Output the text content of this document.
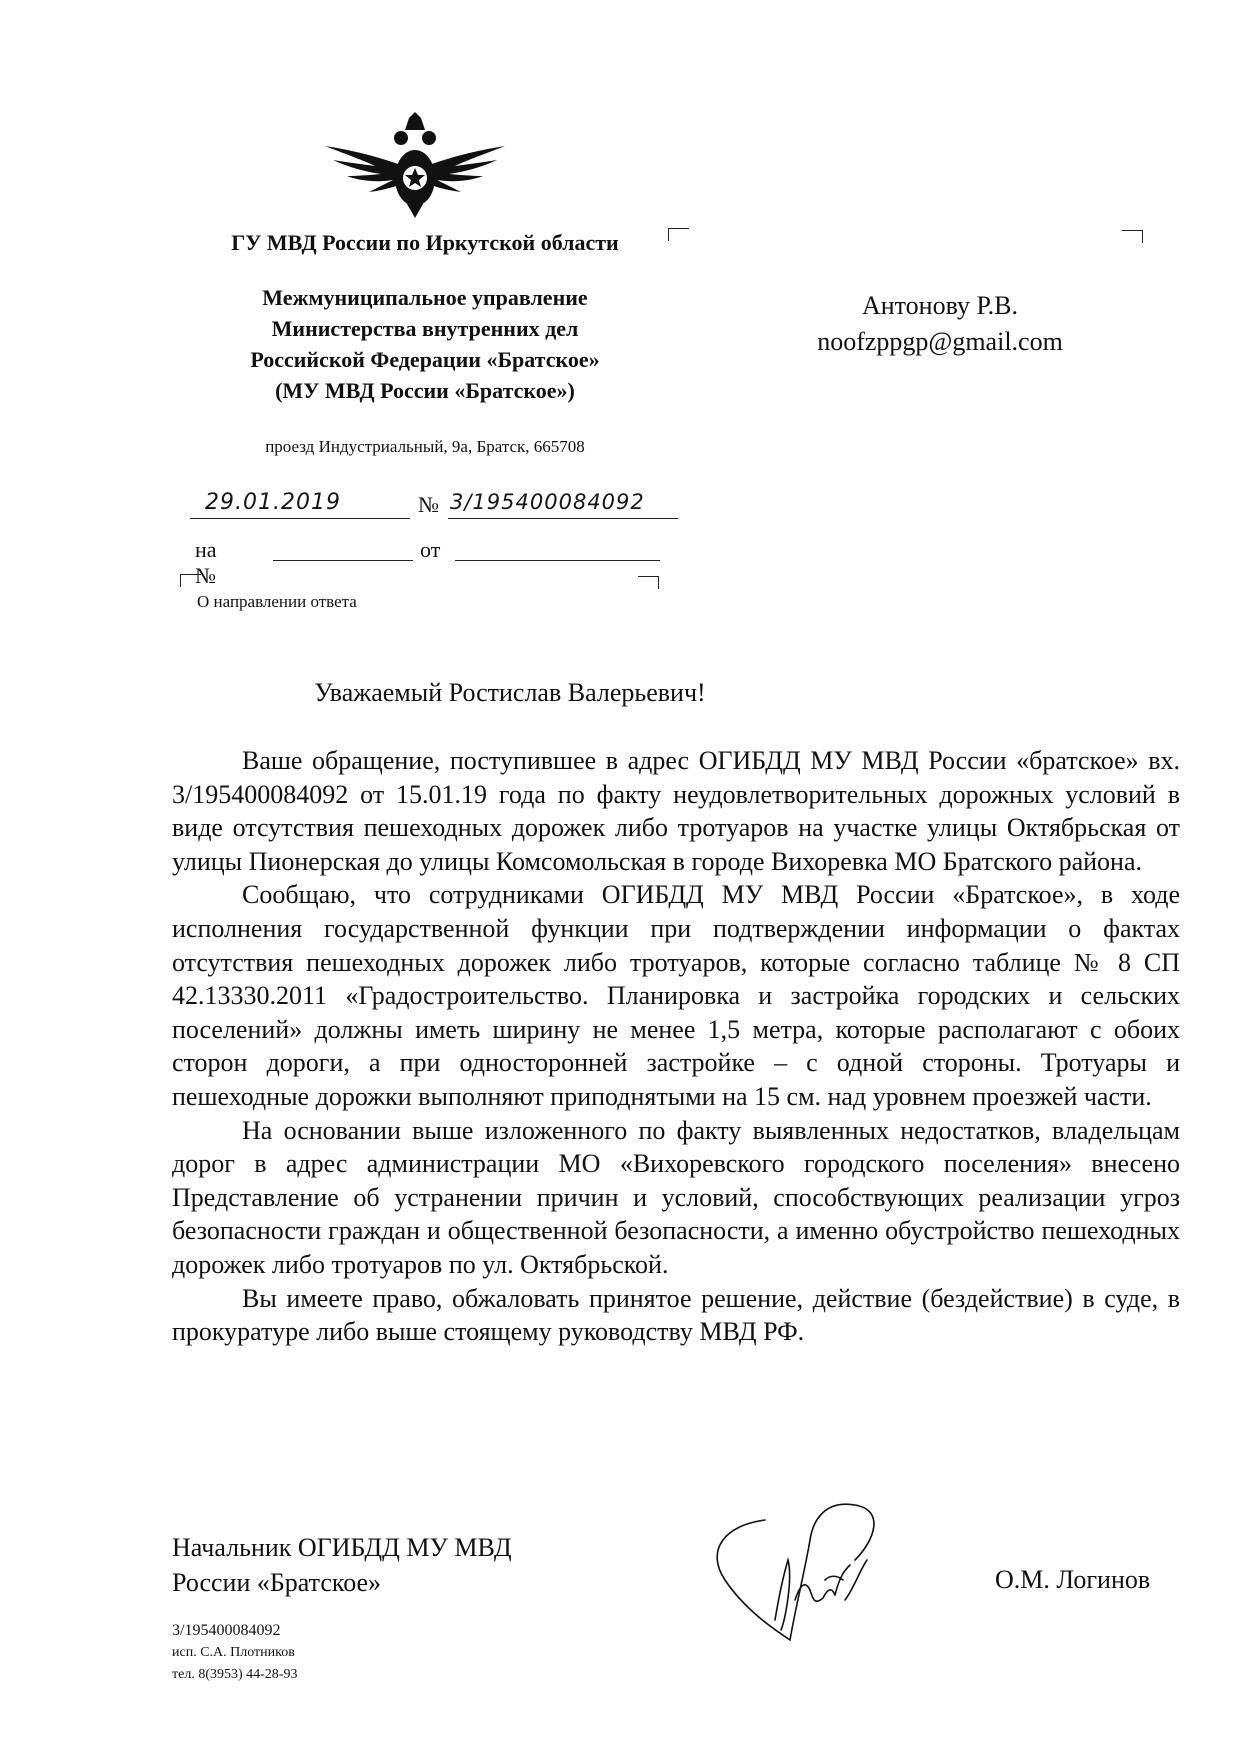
ГУ МВД России по Иркутской области
Межмуниципальное управление
Министерства внутренних дел
Российской Федерации «Братское»
(МУ МВД России «Братское»)
проезд Индустриальный, 9а, Братск, 665708
Антонову Р.В.
noofzppgp@gmail.com
29.01.2019	№ 3/195400084092
на №
от
О направлении ответа
Уважаемый Ростислав Валерьевич!

Ваше обращение, поступившее в адрес ОГИБДД МУ МВД России «братское» вх. 3/195400084092 от 15.01.19 года по факту неудовлетворительных дорожных условий в виде отсутствия пешеходных дорожек либо тротуаров на участке улицы Октябрьская от улицы Пионерская до улицы Комсомольская в городе Вихоревка МО Братского района.

Сообщаю, что сотрудниками ОГИБДД МУ МВД России «Братское», в ходе исполнения государственной функции при подтверждении информации о фактах отсутствия пешеходных дорожек либо тротуаров, которые согласно таблице № 8 СП 42.13330.2011 «Градостроительство. Планировка и застройка городских и сельских поселений» должны иметь ширину не менее 1,5 метра, которые располагают с обоих сторон дороги, а при односторонней застройке – с одной стороны. Тротуары и пешеходные дорожки выполняют приподнятыми на 15 см. над уровнем проезжей части.

На основании выше изложенного по факту выявленных недостатков, владельцам дорог в адрес администрации МО «Вихоревского городского поселения» внесено Представление об устранении причин и условий, способствующих реализации угроз безопасности граждан и общественной безопасности, а именно обустройство пешеходных дорожек либо тротуаров по ул. Октябрьской.

Вы имеете право, обжаловать принятое решение, действие (бездействие) в суде, в прокуратуре либо выше стоящему руководству МВД РФ.

Начальник ОГИБДД МУ МВД
России «Братское»	О.М. Логинов
3/195400084092
исп. С.А. Плотников
тел. 8(3953) 44-28-93
